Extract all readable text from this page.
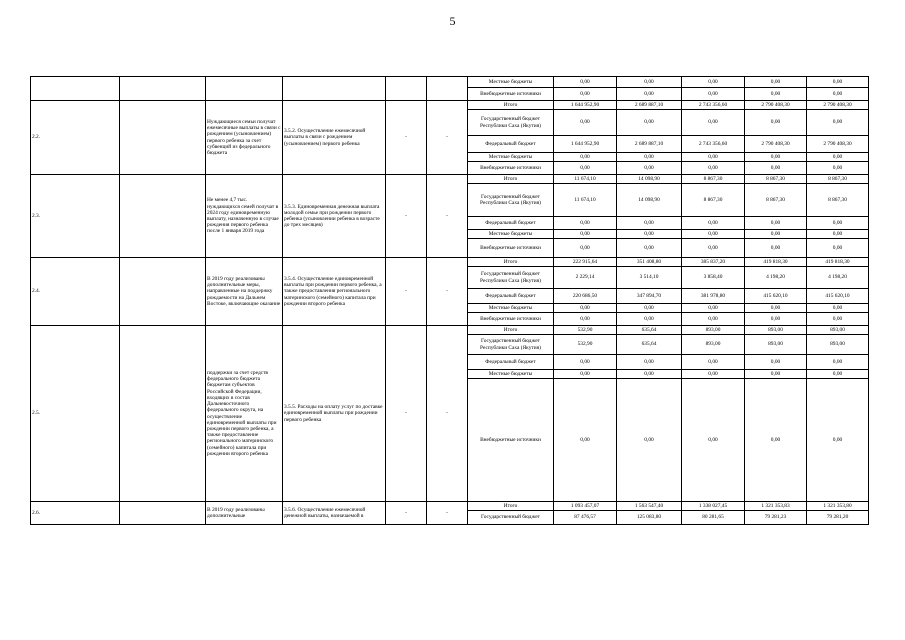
5
						Местные бюджеты	0,00	0,00	0,00	0,00	0,00
						Внебюджетные источники	0,00	0,00	0,00	0,00	0,00
2.2.		Нуждающиеся семьи получат ежемесячные выплаты в связи с рождением (усыновлением) первого ребенка за счет субвенций из федерального бюджета	3.5.2. Осуществление ежемесячной выплаты в связи с рождением (усыновлением) первого ребенка	-	-	Итого	1 644 952,90	2 689 887,10	2 743 356,60	2 790 408,30	2 790 408,30
						Государственный бюджет Республики Саха (Якутия)	0,00	0,00	0,00	0,00	0,00
						Федеральный бюджет	1 644 952,90	2 689 887,10	2 743 356,60	2 790 408,30	2 790 408,30
						Местные бюджеты	0,00	0,00	0,00	0,00	0,00
						Внебюджетные источники	0,00	0,00	0,00	0,00	0,00
2.3.		Не менее 4,7 тыс. нуждающихся семей получат в 2024 году единовременную выплату, назначенную в случае рождения первого ребенка после 1 января 2019 года	3.5.3. Единовременная денежная выплата молодой семье при рождении первого ребенка (усыновлении ребенка в возрасте до трех месяцев)	-	-	Итого	11 674,10	14 098,90	8 867,30	8 867,30	8 867,30
						Государственный бюджет Республики Саха (Якутия)	11 674,10	14 098,90	8 867,30	8 867,30	8 867,30
						Федеральный бюджет	0,00	0,00	0,00	0,00	0,00
						Местные бюджеты	0,00	0,00	0,00	0,00	0,00
						Внебюджетные источники	0,00	0,00	0,00	0,00	0,00
2.4.		В 2019 году реализованы дополнительные меры, направленные на поддержку рождаемости на Дальнем Востоке, включающие оказание	3.5.4. Осуществление единовременной выплаты при рождении первого ребенка, а также предоставления регионального материнского (семейного) капитала при рождении второго ребенка	-	-	Итого	222 915,64	351 408,80	385 837,20	419 818,30	419 818,30
						Государственный бюджет Республики Саха (Якутия)	2 229,14	3 514,10	3 858,40	4 198,20	4 198,20
						Федеральный бюджет	220 686,50	347 894,70	381 978,80	415 620,10	415 620,10
						Местные бюджеты	0,00	0,00	0,00	0,00	0,00
						Внебюджетные источники	0,00	0,00	0,00	0,00	0,00
2.5.		поддержки за счет средств федерального бюджета бюджетам субъектов Российской Федерации, входящих в состав Дальневосточного федерального округа, на осуществление единовременной выплаты при рождении первого ребенка, а также предоставление регионального материнского (семейного) капитала при рождении второго ребенка	3.5.5. Расходы на оплату услуг по доставке единовременной выплаты при рождении первого ребенка	-	-	Итого	532,90	635,64	893,00	893,00	893,00
						Государственный бюджет Республики Саха (Якутия)	532,90	635,64	893,00	893,00	893,00
						Федеральный бюджет	0,00	0,00	0,00	0,00	0,00
						Местные бюджеты	0,00	0,00	0,00	0,00	0,00
						Внебюджетные источники	0,00	0,00	0,00	0,00	0,00
2.6.		В 2019 году реализованы дополнительные	3.5.6. Осуществление ежемесячной денежной выплаты, назначаемой в	-	-	Итого	1 093 457,07	1 563 547,40	1 338 027,45	1 321 353,83	1 321 353,80
						Государственный бюджет	87 476,57	125 083,80	80 281,65	79 281,23	79 281,20
